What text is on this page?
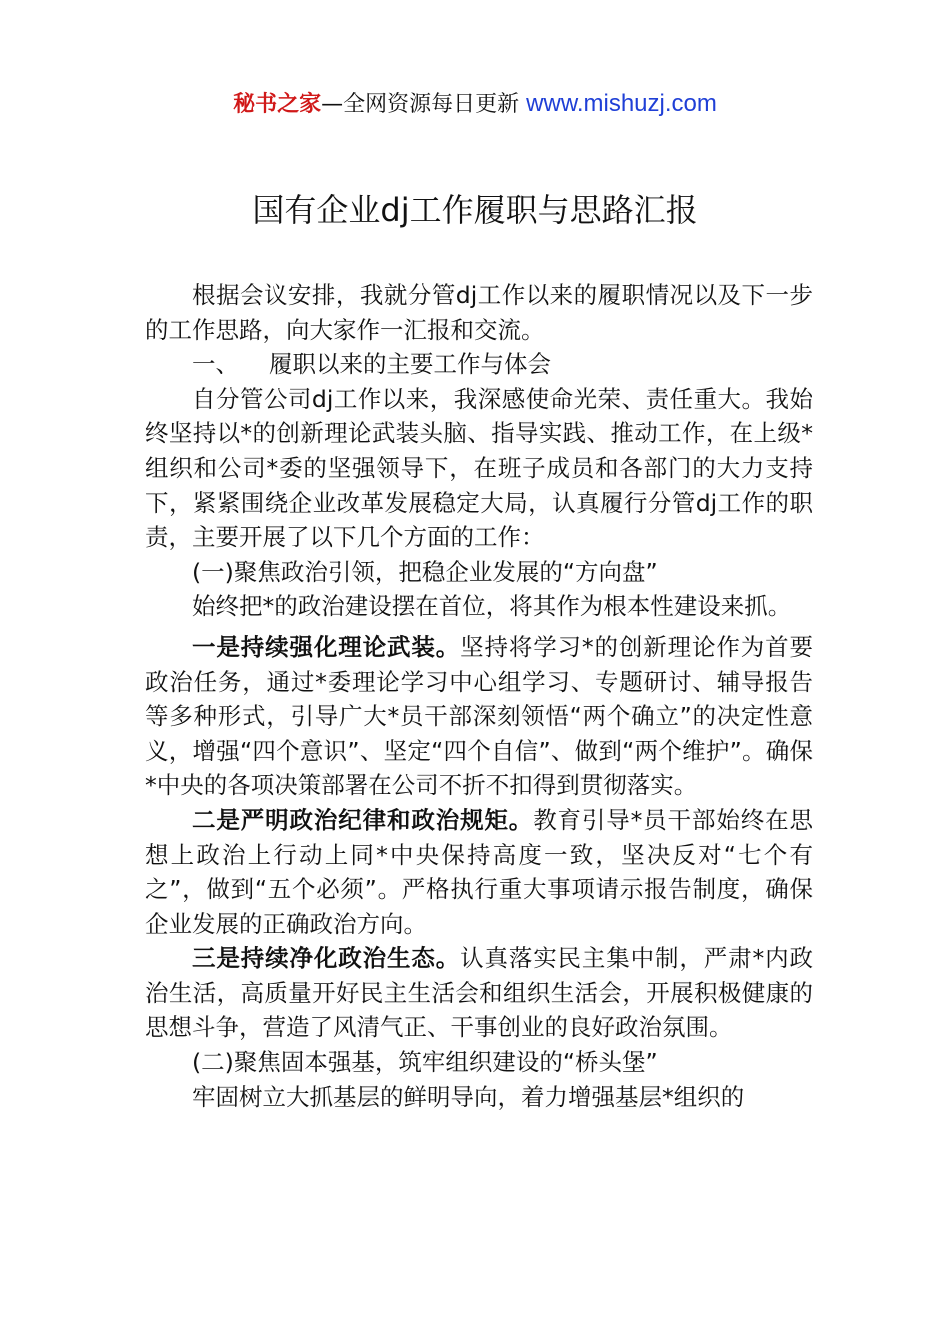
秘书之家—全网资源每日更新 www.mishuzj.com
国有企业dj工作履职与思路汇报

根据会议安排，我就分管dj工作以来的履职情况以及下一步的工作思路，向大家作一汇报和交流。

一、 履职以来的主要工作与体会

自分管公司dj工作以来，我深感使命光荣、责任重大。我始终坚持以*的创新理论武装头脑、指导实践、推动工作，在上级*组织和公司*委的坚强领导下，在班子成员和各部门的大力支持下，紧紧围绕企业改革发展稳定大局，认真履行分管dj工作的职责，主要开展了以下几个方面的工作：

(一)聚焦政治引领，把稳企业发展的“方向盘”

始终把*的政治建设摆在首位，将其作为根本性建设来抓。

一是持续强化理论武装。坚持将学习*的创新理论作为首要政治任务，通过*委理论学习中心组学习、专题研讨、辅导报告等多种形式，引导广大*员干部深刻领悟“两个确立”的决定性意义，增强“四个意识”、坚定“四个自信”、做到“两个维护”。确保*中央的各项决策部署在公司不折不扣得到贯彻落实。

二是严明政治纪律和政治规矩。教育引导*员干部始终在思想上政治上行动上同*中央保持高度一致，坚决反对“七个有之”，做到“五个必须”。严格执行重大事项请示报告制度，确保企业发展的正确政治方向。

三是持续净化政治生态。认真落实民主集中制，严肃*内政治生活，高质量开好民主生活会和组织生活会，开展积极健康的思想斗争，营造了风清气正、干事创业的良好政治氛围。

(二)聚焦固本强基，筑牢组织建设的“桥头堡”

牢固树立大抓基层的鲜明导向，着力增强基层*组织的
